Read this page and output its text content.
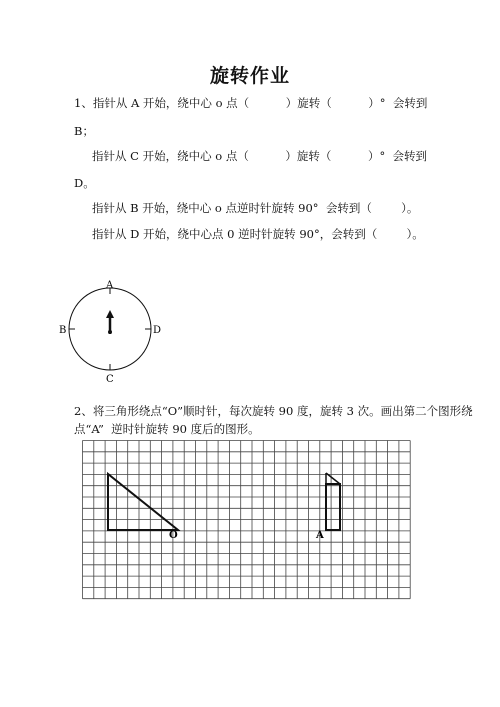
旋转作业
1、指针从 A 开始，绕中心 o 点（          ）旋转（          ）°  会转到
B；
指针从 C 开始，绕中心 o 点（          ）旋转（          ）°  会转到
D。
指针从 B 开始，绕中心 o 点逆时针旋转 90°  会转到（        ）。
指针从 D 开始，绕中心点 0 逆时针旋转 90°，会转到（        ）。
A
C
B	D
2、将三角形绕点“O”顺时针，每次旋转 90 度，旋转 3 次。画出第二个图形绕
点“A”  逆时针旋转 90 度后的图形。
O	A
